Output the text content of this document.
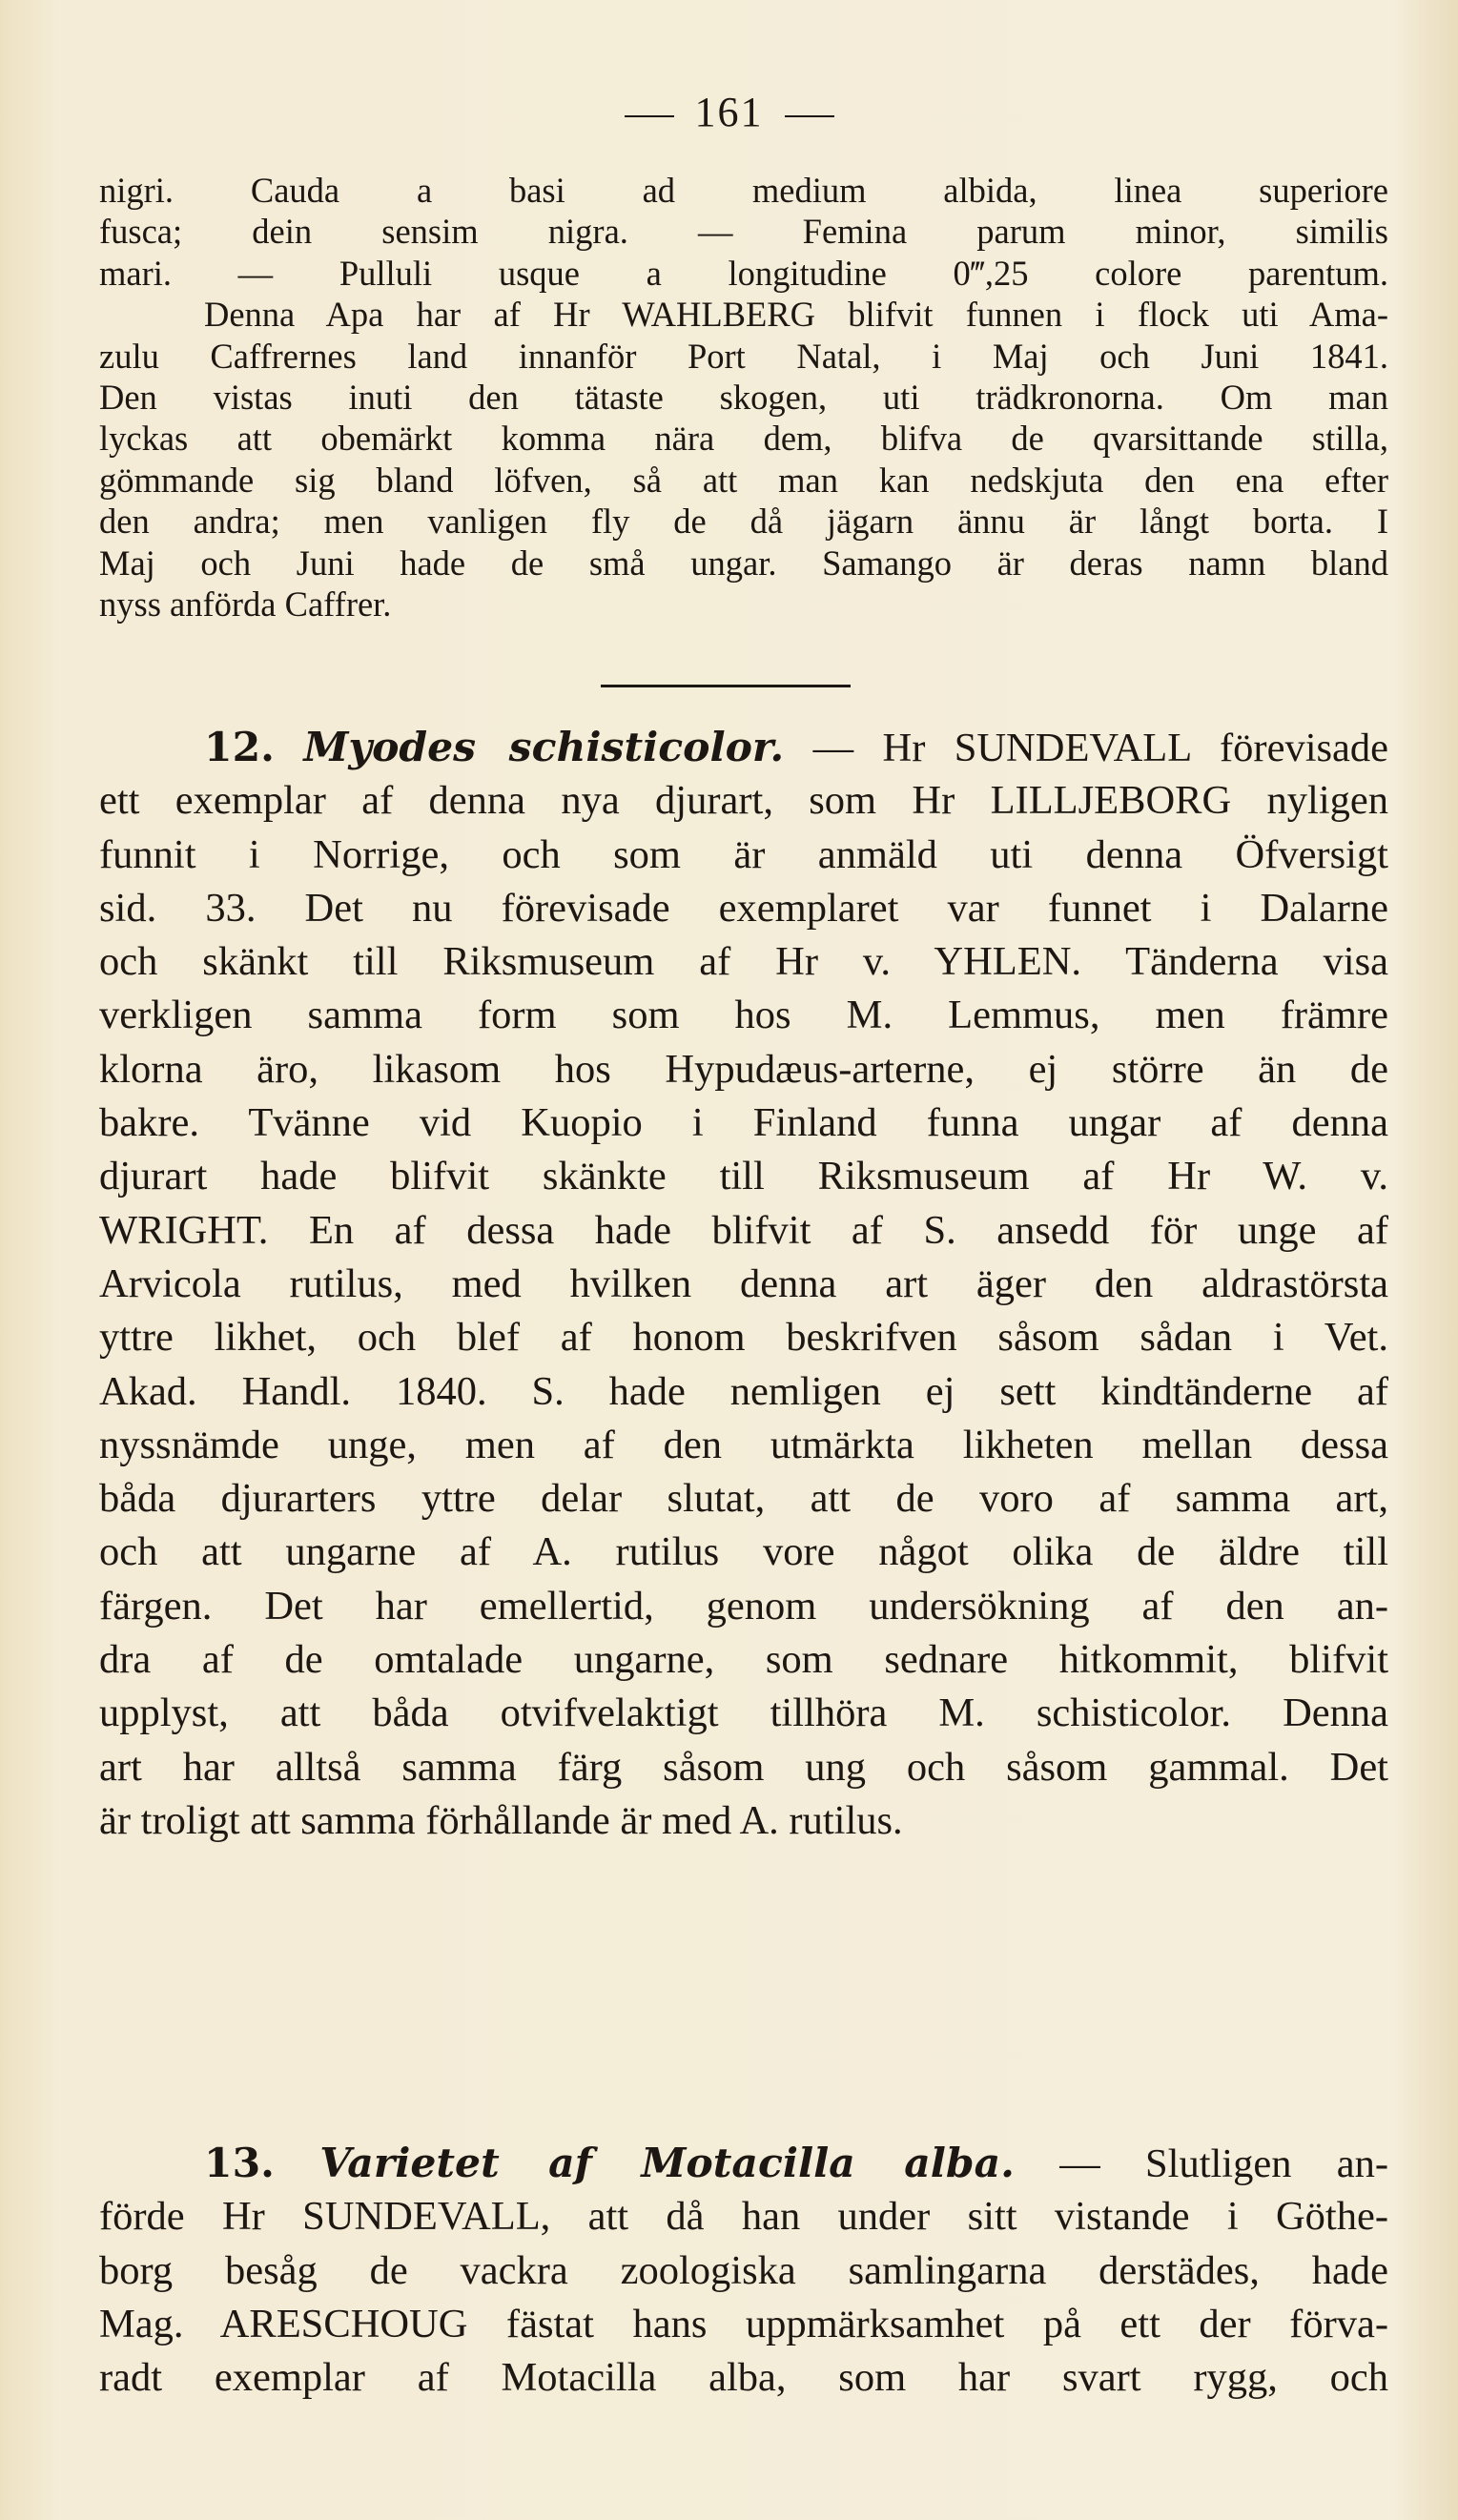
161
nigri. Cauda a basi ad medium albida, linea superiore
fusca; dein sensim nigra. — Femina parum minor, similis
mari. — Pulluli usque a longitudine 0‴,25 colore parentum.
Denna Apa har af Hr WAHLBERG blifvit funnen i flock uti Ama-
zulu Caffrernes land innanför Port Natal, i Maj och Juni 1841.
Den vistas inuti den tätaste skogen, uti trädkronorna. Om man
lyckas att obemärkt komma nära dem, blifva de qvarsittande stilla,
gömmande sig bland löfven, så att man kan nedskjuta den ena efter
den andra; men vanligen fly de då jägarn ännu är långt borta. I
Maj och Juni hade de små ungar. Samango är deras namn bland
nyss anförda Caffrer.
12. Myodes schisticolor. — Hr SUNDEVALL förevisade
ett exemplar af denna nya djurart, som Hr LILLJEBORG nyligen
funnit i Norrige, och som är anmäld uti denna Öfversigt
sid. 33. Det nu förevisade exemplaret var funnet i Dalarne
och skänkt till Riksmuseum af Hr v. YHLEN. Tänderna visa
verkligen samma form som hos M. Lemmus, men främre
klorna äro, likasom hos Hypudæus-arterne, ej större än de
bakre. Tvänne vid Kuopio i Finland funna ungar af denna
djurart hade blifvit skänkte till Riksmuseum af Hr W. v.
WRIGHT. En af dessa hade blifvit af S. ansedd för unge af
Arvicola rutilus, med hvilken denna art äger den aldrastörsta
yttre likhet, och blef af honom beskrifven såsom sådan i Vet.
Akad. Handl. 1840. S. hade nemligen ej sett kindtänderne af
nyssnämde unge, men af den utmärkta likheten mellan dessa
båda djurarters yttre delar slutat, att de voro af samma art,
och att ungarne af A. rutilus vore något olika de äldre till
färgen. Det har emellertid, genom undersökning af den an-
dra af de omtalade ungarne, som sednare hitkommit, blifvit
upplyst, att båda otvifvelaktigt tillhöra M. schisticolor. Denna
art har alltså samma färg såsom ung och såsom gammal. Det
är troligt att samma förhållande är med A. rutilus.
13. Varietet af Motacilla alba. — Slutligen an-
förde Hr SUNDEVALL, att då han under sitt vistande i Göthe-
borg besåg de vackra zoologiska samlingarna derstädes, hade
Mag. ARESCHOUG fästat hans uppmärksamhet på ett der förva-
radt exemplar af Motacilla alba, som har svart rygg, och
